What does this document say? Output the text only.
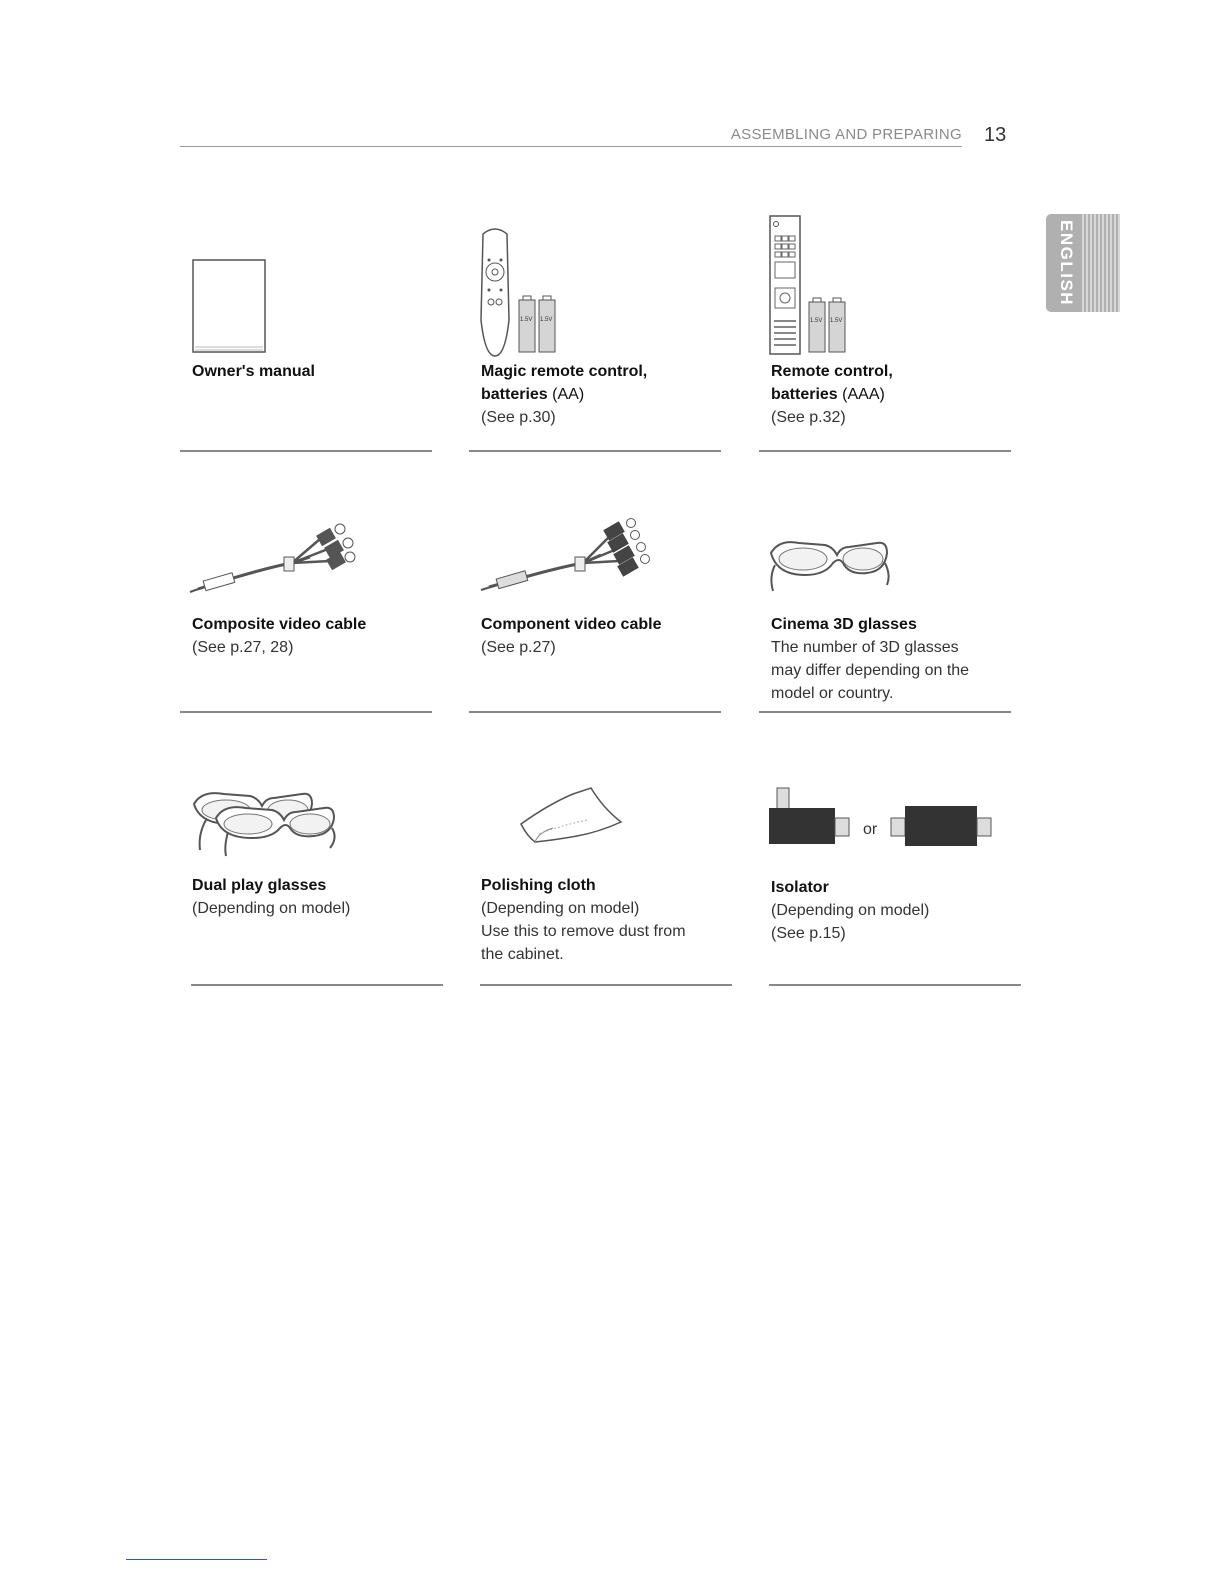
ASSEMBLING AND PREPARING 13
ENGLISH
Owner's manual
1.5V 1.5V
Magic remote control,
batteries (AA)
(See p.30)
1.5V 1.5V
Remote control,
batteries (AAA)
(See p.32)
Composite video cable
(See p.27, 28)
Component video cable
(See p.27)
Cinema 3D glasses
The number of 3D glasses
may differ depending on the
model or country.
Dual play glasses
(Depending on model)
Polishing cloth
(Depending on model)
Use this to remove dust from
the cabinet.
or
Isolator
(Depending on model)
(See p.15)
